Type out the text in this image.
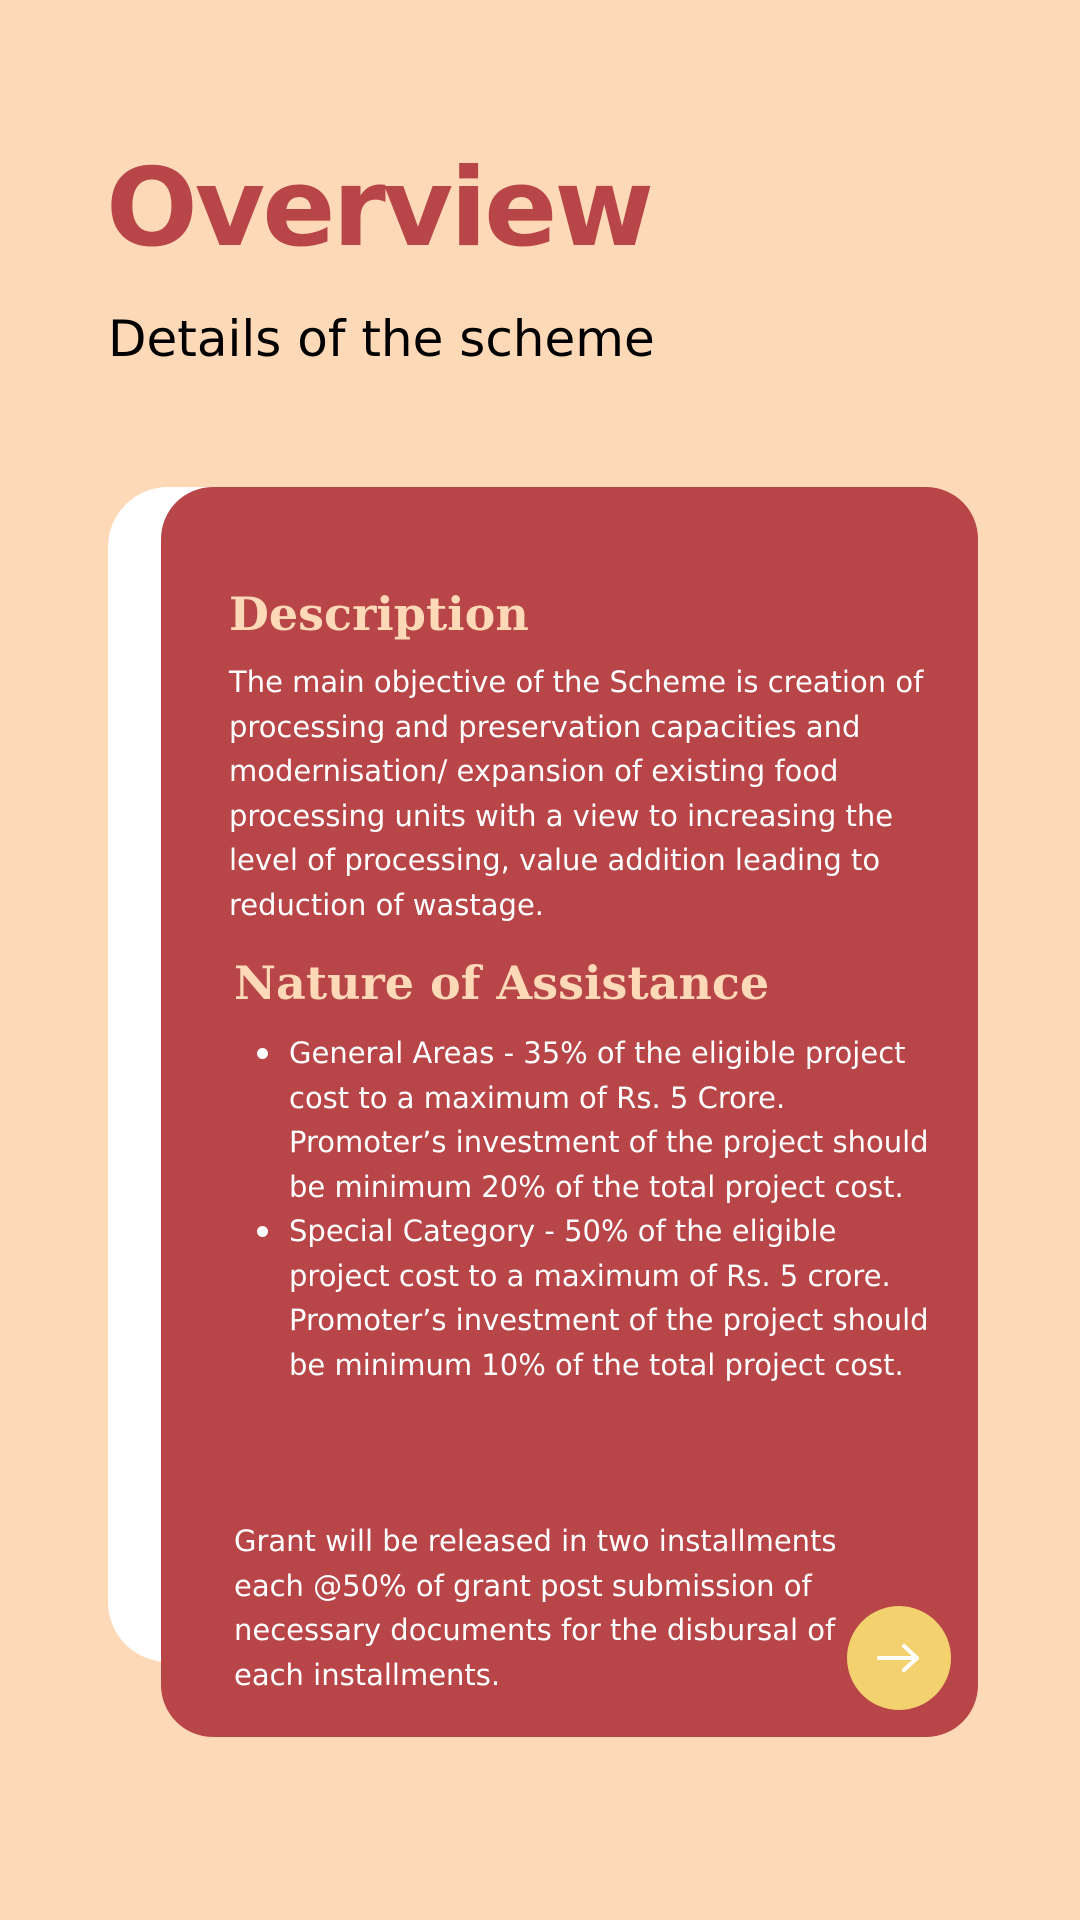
Overview
Details of the scheme
Description

The main objective of the Scheme is creation of processing and preservation capacities and modernisation/ expansion of existing food processing units with a view to increasing the level of processing, value addition leading to reduction of wastage.

Nature of Assistance
General Areas - 35% of the eligible project cost to a maximum of Rs. 5 Crore. Promoter’s investment of the project should be minimum 20% of the total project cost.
Special Category - 50% of the eligible project cost to a maximum of Rs. 5 crore. Promoter’s investment of the project should be minimum 10% of the total project cost.

Grant will be released in two installments each @50% of grant post submission of necessary documents for the disbursal of each installments.
